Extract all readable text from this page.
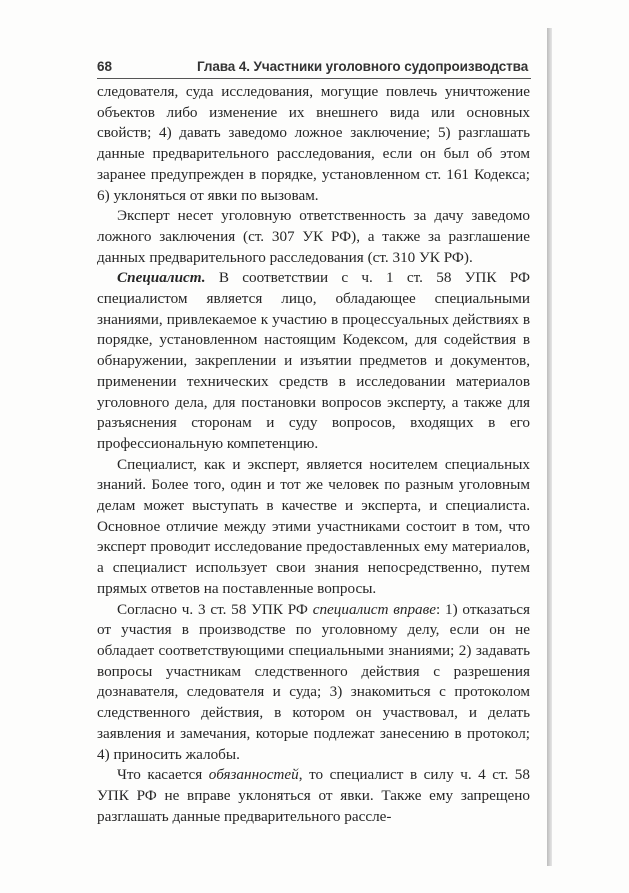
68	Глава 4. Участники уголовного судопроизводства

следователя, суда исследования, могущие повлечь уничтожение объектов либо изменение их внешнего вида или основных свойств; 4) давать заведомо ложное заключение; 5) разглашать данные предварительного расследования, если он был об этом заранее предупрежден в порядке, установленном ст. 161 Кодекса; 6) уклоняться от явки по вызовам.

Эксперт несет уголовную ответственность за дачу заведомо ложного заключения (ст. 307 УК РФ), а также за разглашение данных предварительного расследования (ст. 310 УК РФ).

Специалист. В соответствии с ч. 1 ст. 58 УПК РФ специалистом является лицо, обладающее специальными знаниями, привлекаемое к участию в процессуальных действиях в порядке, установленном настоящим Кодексом, для содействия в обнаружении, закреплении и изъятии предметов и документов, применении технических средств в исследовании материалов уголовного дела, для постановки вопросов эксперту, а также для разъяснения сторонам и суду вопросов, входящих в его профессиональную компетенцию.

Специалист, как и эксперт, является носителем специальных знаний. Более того, один и тот же человек по разным уголовным делам может выступать в качестве и эксперта, и специалиста. Основное отличие между этими участниками состоит в том, что эксперт проводит исследование предоставленных ему материалов, а специалист использует свои знания непосредственно, путем прямых ответов на поставленные вопросы.

Согласно ч. 3 ст. 58 УПК РФ специалист вправе: 1) отказаться от участия в производстве по уголовному делу, если он не обладает соответствующими специальными знаниями; 2) задавать вопросы участникам следственного действия с разрешения дознавателя, следователя и суда; 3) знакомиться с протоколом следственного действия, в котором он участвовал, и делать заявления и замечания, которые подлежат занесению в протокол; 4) приносить жалобы.

Что касается обязанностей, то специалист в силу ч. 4 ст. 58 УПК РФ не вправе уклоняться от явки. Также ему запрещено разглашать данные предварительного рассле-
